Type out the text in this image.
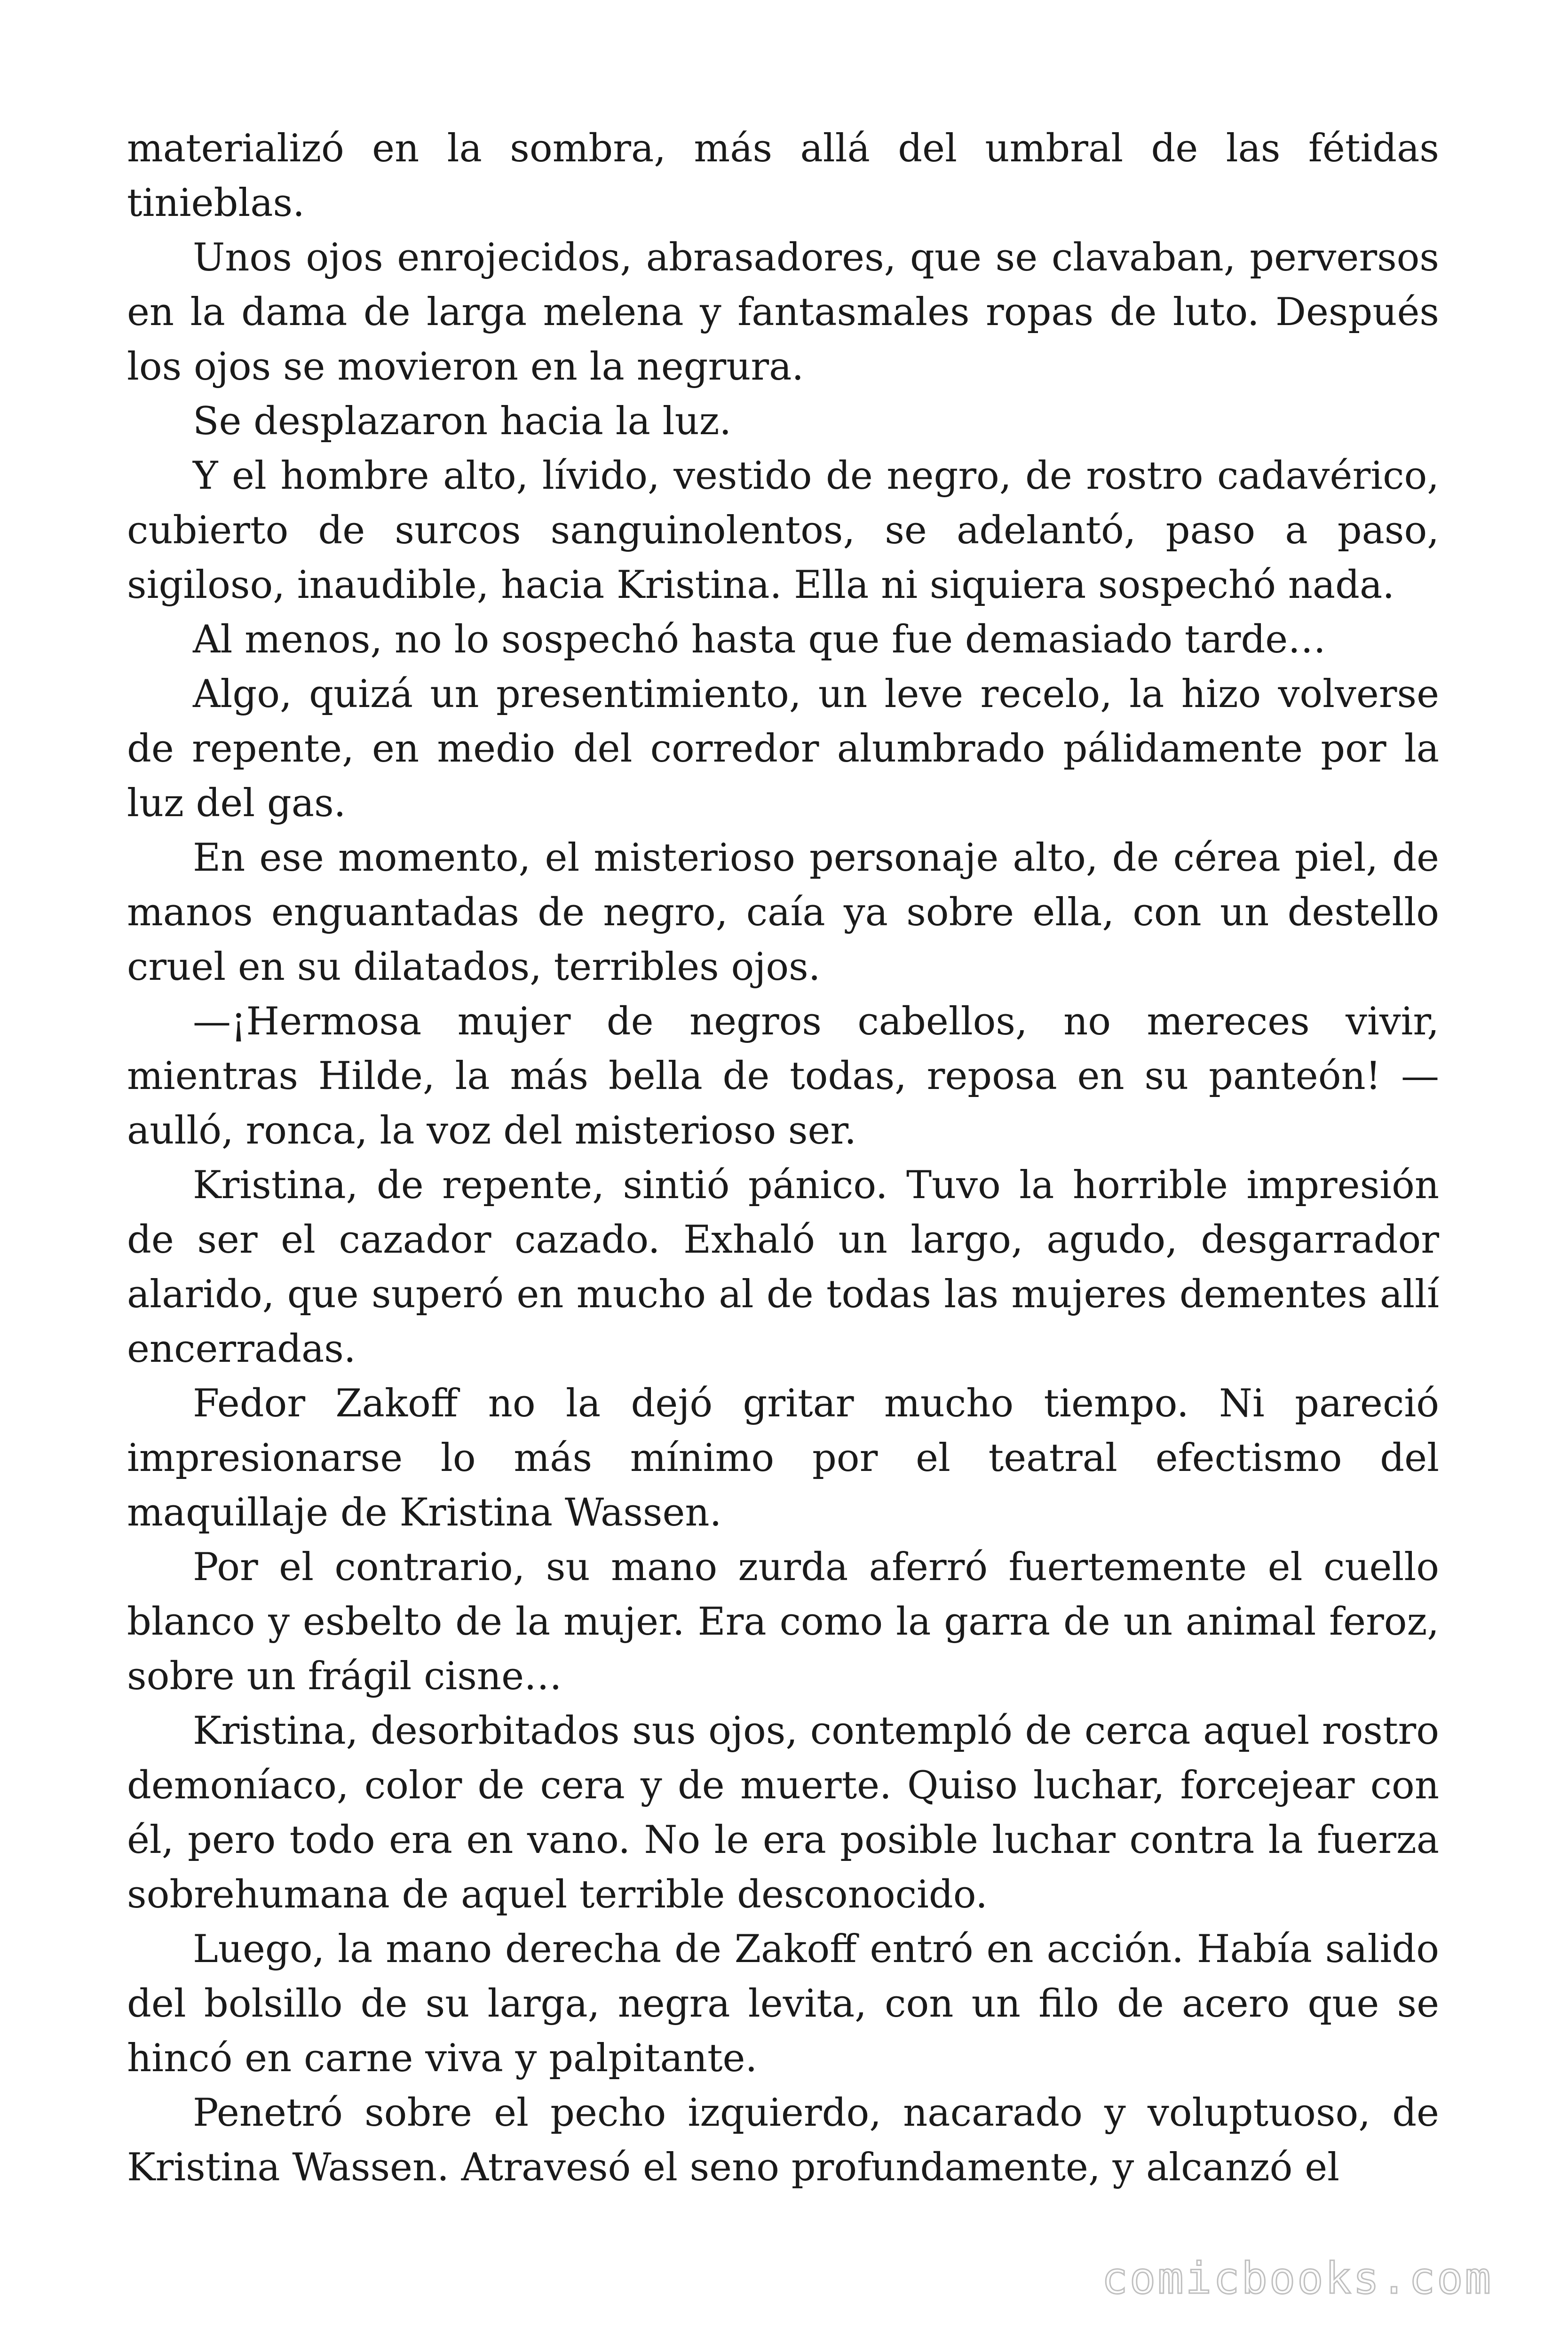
materializó en la sombra, más allá del umbral de las fétidas tinieblas.

Unos ojos enrojecidos, abrasadores, que se clavaban, perversos en la dama de larga melena y fantasmales ropas de luto. Después los ojos se movieron en la negrura.

Se desplazaron hacia la luz.

Y el hombre alto, lívido, vestido de negro, de rostro cadavérico, cubierto de surcos sanguinolentos, se adelantó, paso a paso, sigiloso, inaudible, hacia Kristina. Ella ni siquiera sospechó nada.

Al menos, no lo sospechó hasta que fue demasiado tarde…

Algo, quizá un presentimiento, un leve recelo, la hizo volverse de repente, en medio del corredor alumbrado pálidamente por la luz del gas.

En ese momento, el misterioso personaje alto, de cérea piel, de manos enguantadas de negro, caía ya sobre ella, con un destello cruel en su dilatados, terribles ojos.

—¡Hermosa mujer de negros cabellos, no mereces vivir, mientras Hilde, la más bella de todas, reposa en su panteón! — aulló, ronca, la voz del misterioso ser.

Kristina, de repente, sintió pánico. Tuvo la horrible impresión de ser el cazador cazado. Exhaló un largo, agudo, desgarrador alarido, que superó en mucho al de todas las mujeres dementes allí encerradas.

Fedor Zakoff no la dejó gritar mucho tiempo. Ni pareció impresionarse lo más mínimo por el teatral efectismo del maquillaje de Kristina Wassen.

Por el contrario, su mano zurda aferró fuertemente el cuello blanco y esbelto de la mujer. Era como la garra de un animal feroz, sobre un frágil cisne…

Kristina, desorbitados sus ojos, contempló de cerca aquel rostro demoníaco, color de cera y de muerte. Quiso luchar, forcejear con él, pero todo era en vano. No le era posible luchar contra la fuerza sobrehumana de aquel terrible desconocido.

Luego, la mano derecha de Zakoff entró en acción. Había salido del bolsillo de su larga, negra levita, con un filo de acero que se hincó en carne viva y palpitante.

Penetró sobre el pecho izquierdo, nacarado y voluptuoso, de Kristina Wassen. Atravesó el seno profundamente, y alcanzó el

comicbooks.com
